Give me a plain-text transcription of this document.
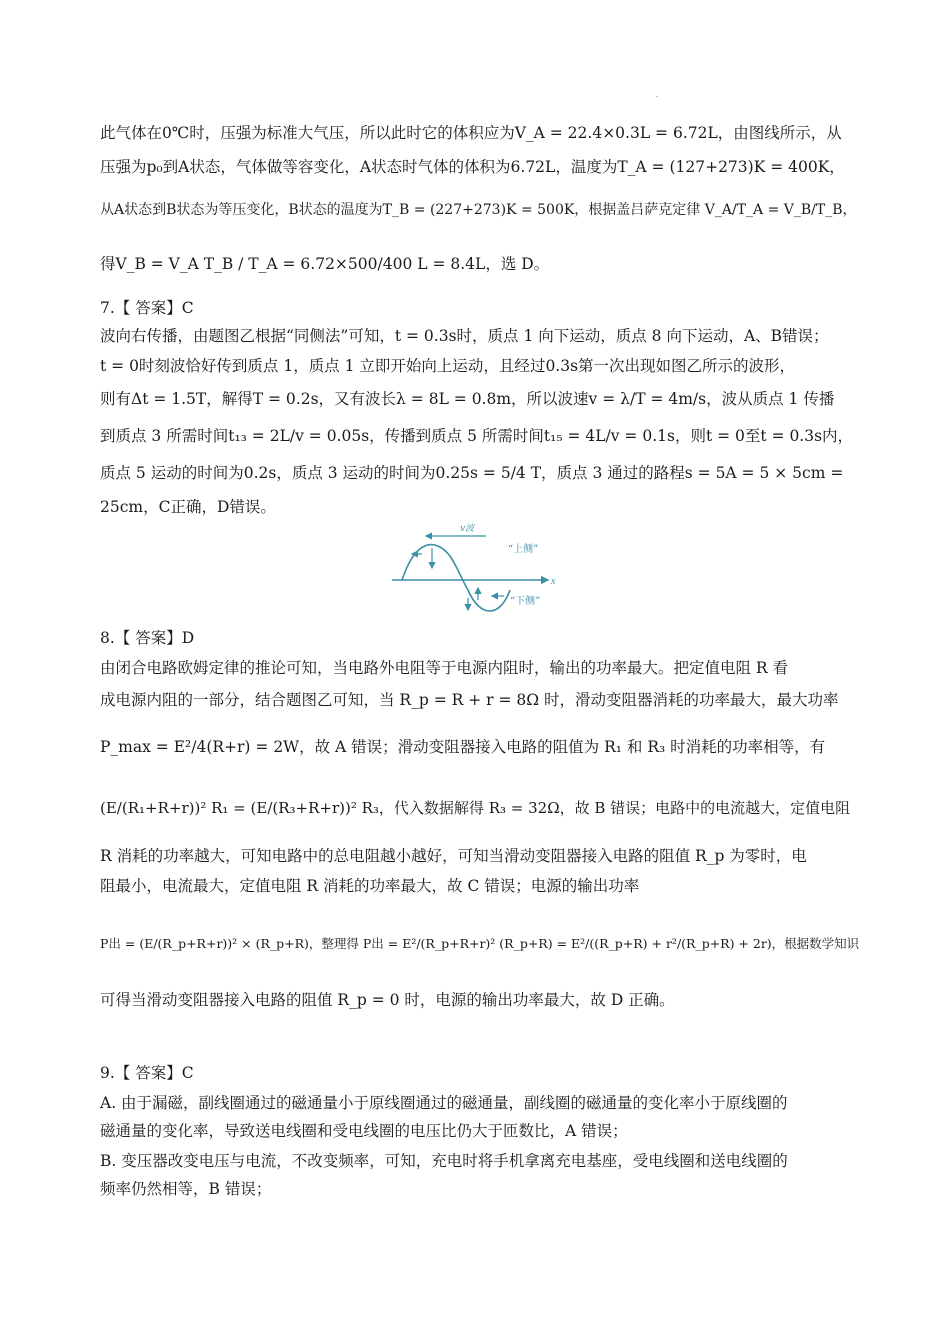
此气体在0℃时，压强为标准大气压，所以此时它的体积应为V_A = 22.4×0.3L = 6.72L，由图线所示，从
压强为p₀到A状态，气体做等容变化，A状态时气体的体积为6.72L，温度为T_A = (127+273)K = 400K，
从A状态到B状态为等压变化，B状态的温度为T_B = (227+273)K = 500K，根据盖吕萨克定律 V_A/T_A = V_B/T_B，
得V_B = V_A T_B / T_A = 6.72×500/400 L = 8.4L，选 D。
7.【 答案】C
波向右传播，由题图乙根据“同侧法”可知，t = 0.3s时，质点 1 向下运动，质点 8 向下运动，A、B错误；
t = 0时刻波恰好传到质点 1，质点 1 立即开始向上运动，且经过0.3s第一次出现如图乙所示的波形，
则有Δt = 1.5T，解得T = 0.2s，又有波长λ = 8L = 0.8m，所以波速v = λ/T = 4m/s，波从质点 1 传播
到质点 3 所需时间t₁₃ = 2L/v = 0.05s，传播到质点 5 所需时间t₁₅ = 4L/v = 0.1s，则t = 0至t = 0.3s内，
质点 5 运动的时间为0.2s，质点 3 运动的时间为0.25s = 5/4 T，质点 3 通过的路程s = 5A = 5 × 5cm =
25cm，C正确，D错误。
x
v波
“上侧”
“下侧”
8.【 答案】D
由闭合电路欧姆定律的推论可知，当电路外电阻等于电源内阻时，输出的功率最大。把定值电阻 R 看
成电源内阻的一部分，结合题图乙可知，当 R_p = R + r = 8Ω 时，滑动变阻器消耗的功率最大，最大功率
P_max = E²/4(R+r) = 2W，故 A 错误；滑动变阻器接入电路的阻值为 R₁ 和 R₃ 时消耗的功率相等，有
(E/(R₁+R+r))² R₁ = (E/(R₃+R+r))² R₃，代入数据解得 R₃ = 32Ω，故 B 错误；电路中的电流越大，定值电阻
R 消耗的功率越大，可知电路中的总电阻越小越好，可知当滑动变阻器接入电路的阻值 R_p 为零时，电
阻最小，电流最大，定值电阻 R 消耗的功率最大，故 C 错误；电源的输出功率
P出 = (E/(R_p+R+r))² × (R_p+R)，整理得 P出 = E²/(R_p+R+r)² (R_p+R) = E²/((R_p+R) + r²/(R_p+R) + 2r)，根据数学知识
可得当滑动变阻器接入电路的阻值 R_p = 0 时，电源的输出功率最大，故 D 正确。
9.【 答案】C
A. 由于漏磁，副线圈通过的磁通量小于原线圈通过的磁通量，副线圈的磁通量的变化率小于原线圈的
磁通量的变化率，导致送电线圈和受电线圈的电压比仍大于匝数比，A 错误；
B. 变压器改变电压与电流，不改变频率，可知，充电时将手机拿离充电基座，受电线圈和送电线圈的
频率仍然相等，B 错误；
